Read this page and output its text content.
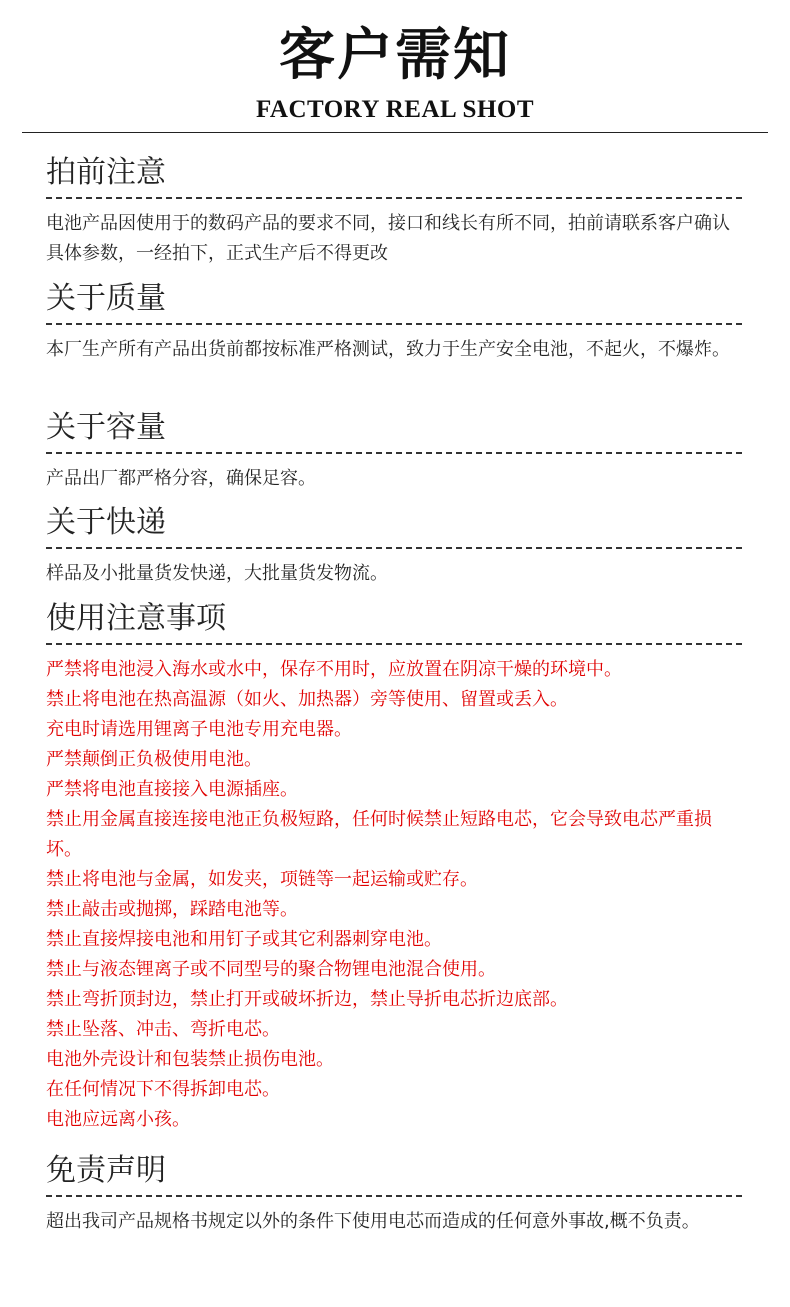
客户需知
FACTORY REAL SHOT
拍前注意

电池产品因使用于的数码产品的要求不同，接口和线长有所不同，拍前请联系客户确认具体参数，一经拍下，正式生产后不得更改

关于质量

本厂生产所有产品出货前都按标准严格测试，致力于生产安全电池，不起火，不爆炸。

关于容量

产品出厂都严格分容，确保足容。

关于快递

样品及小批量货发快递，大批量货发物流。

使用注意事项

严禁将电池浸入海水或水中，保存不用时，应放置在阴凉干燥的环境中。

禁止将电池在热高温源（如火、加热器）旁等使用、留置或丢入。

充电时请选用锂离子电池专用充电器。

严禁颠倒正负极使用电池。

严禁将电池直接接入电源插座。

禁止用金属直接连接电池正负极短路，任何时候禁止短路电芯，它会导致电芯严重损坏。

禁止将电池与金属，如发夹，项链等一起运输或贮存。

禁止敲击或抛掷，踩踏电池等。

禁止直接焊接电池和用钉子或其它利器刺穿电池。

禁止与液态锂离子或不同型号的聚合物锂电池混合使用。

禁止弯折顶封边，禁止打开或破坏折边，禁止导折电芯折边底部。

禁止坠落、冲击、弯折电芯。

电池外壳设计和包装禁止损伤电池。

在任何情况下不得拆卸电芯。

电池应远离小孩。

免责声明

超出我司产品规格书规定以外的条件下使用电芯而造成的任何意外事故,概不负责。
